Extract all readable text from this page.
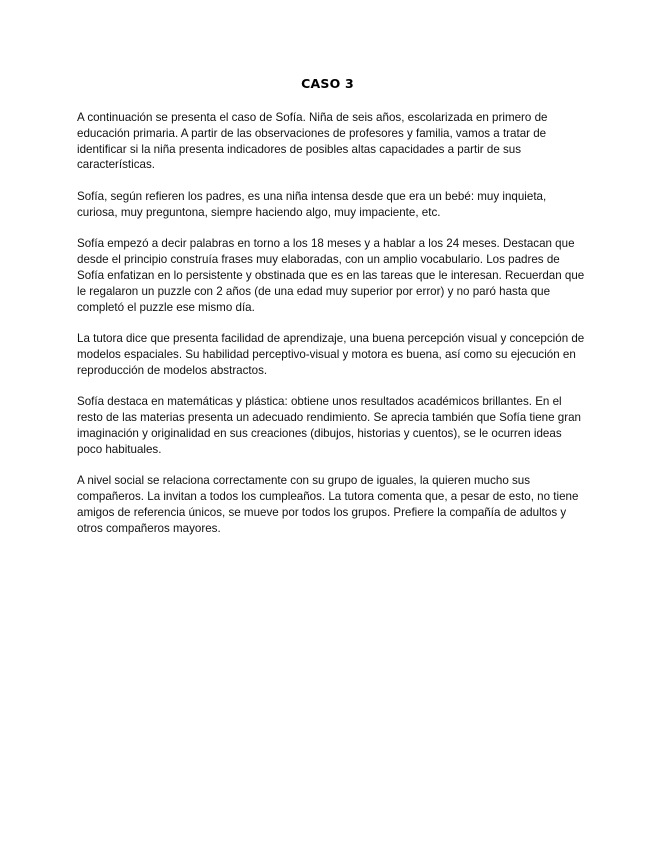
CASO 3

A continuación se presenta el caso de Sofía. Niña de seis años, escolarizada en primero de educación primaria. A partir de las observaciones de profesores y familia, vamos a tratar de identificar si la niña presenta indicadores de posibles altas capacidades a partir de sus características.

Sofía, según refieren los padres, es una niña intensa desde que era un bebé: muy inquieta, curiosa, muy preguntona, siempre haciendo algo, muy impaciente, etc.

Sofía empezó a decir palabras en torno a los 18 meses y a hablar a los 24 meses. Destacan que desde el principio construía frases muy elaboradas, con un amplio vocabulario. Los padres de Sofía enfatizan en lo persistente y obstinada que es en las tareas que le interesan. Recuerdan que le regalaron un puzzle con 2 años (de una edad muy superior por error) y no paró hasta que completó el puzzle ese mismo día.

La tutora dice que presenta facilidad de aprendizaje, una buena percepción visual y concepción de modelos espaciales. Su habilidad perceptivo-visual y motora es buena, así como su ejecución en reproducción de modelos abstractos.

Sofía destaca en matemáticas y plástica: obtiene unos resultados académicos brillantes. En el resto de las materias presenta un adecuado rendimiento. Se aprecia también que Sofía tiene gran imaginación y originalidad en sus creaciones (dibujos, historias y cuentos), se le ocurren ideas poco habituales.

A nivel social se relaciona correctamente con su grupo de iguales, la quieren mucho sus compañeros. La invitan a todos los cumpleaños. La tutora comenta que, a pesar de esto, no tiene amigos de referencia únicos, se mueve por todos los grupos. Prefiere la compañía de adultos y otros compañeros mayores.
